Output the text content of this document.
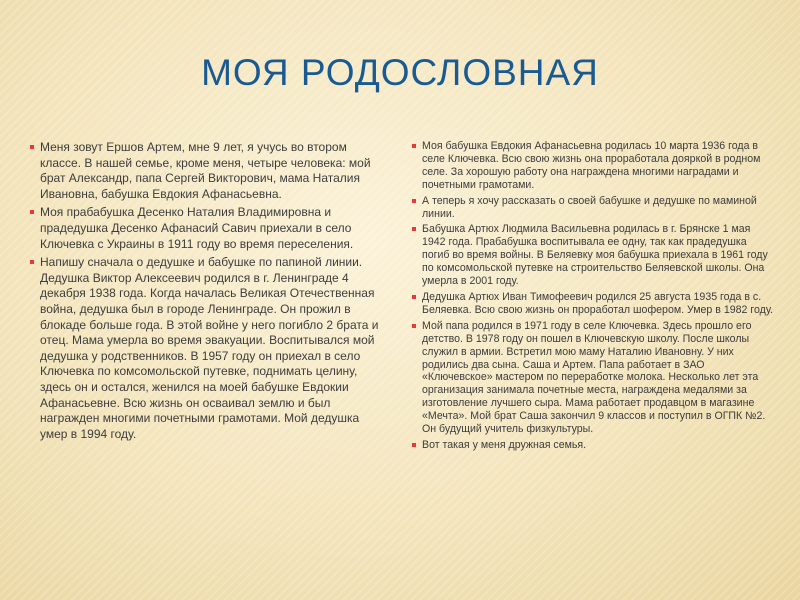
МОЯ РОДОСЛОВНАЯ
Меня зовут Ершов Артем, мне 9 лет, я учусь во втором классе. В нашей семье, кроме меня, четыре человека: мой брат Александр, папа Сергей Викторович, мама Наталия Ивановна, бабушка Евдокия Афанасьевна.
Моя прабабушка Десенко Наталия Владимировна и прадедушка Десенко Афанасий Савич приехали в село Ключевка с Украины в 1911 году во время переселения.
Напишу сначала о дедушке и бабушке по папиной линии. Дедушка Виктор Алексеевич родился в г. Ленинграде 4 декабря 1938 года. Когда началась Великая Отечественная война, дедушка был в городе Ленинграде. Он прожил в блокаде больше года. В этой войне у него погибло 2 брата и отец. Мама умерла во время эвакуации. Воспитывался мой дедушка у родственников. В 1957 году он приехал в село Ключевка по комсомольской путевке, поднимать целину, здесь он и остался, женился на моей бабушке Евдокии Афанасьевне. Всю жизнь он осваивал землю и был награжден многими почетными грамотами. Мой дедушка умер в 1994 году.
Моя бабушка Евдокия Афанасьевна родилась 10 марта 1936 года в селе Ключевка. Всю свою жизнь она проработала дояркой в родном селе. За хорошую работу она награждена многими наградами и почетными грамотами.
А теперь я хочу рассказать о своей бабушке и дедушке по маминой линии.
Бабушка Артюх Людмила Васильевна родилась в г. Брянске 1 мая 1942 года. Прабабушка воспитывала ее одну, так как прадедушка погиб во время войны. В Беляевку моя бабушка приехала в 1961 году по комсомольской путевке на строительство Беляевской школы. Она умерла в 2001 году.
Дедушка Артюх Иван Тимофеевич родился 25 августа 1935 года в с. Беляевка. Всю свою жизнь он проработал шофером. Умер в 1982 году.
Мой папа родился в 1971 году в селе Ключевка. Здесь прошло его детство. В 1978 году он пошел в Ключевскую школу. После школы служил в армии. Встретил мою маму Наталию Ивановну. У них родились два сына. Саша и Артем. Папа работает в ЗАО «Ключевское» мастером по переработке молока. Несколько лет эта организация занимала почетные места, награждена медалями за изготовление лучшего сыра. Мама работает продавцом в магазине «Мечта». Мой брат Саша закончил 9 классов и поступил в ОГПК №2. Он будущий учитель физкультуры.
Вот такая у меня дружная семья.
